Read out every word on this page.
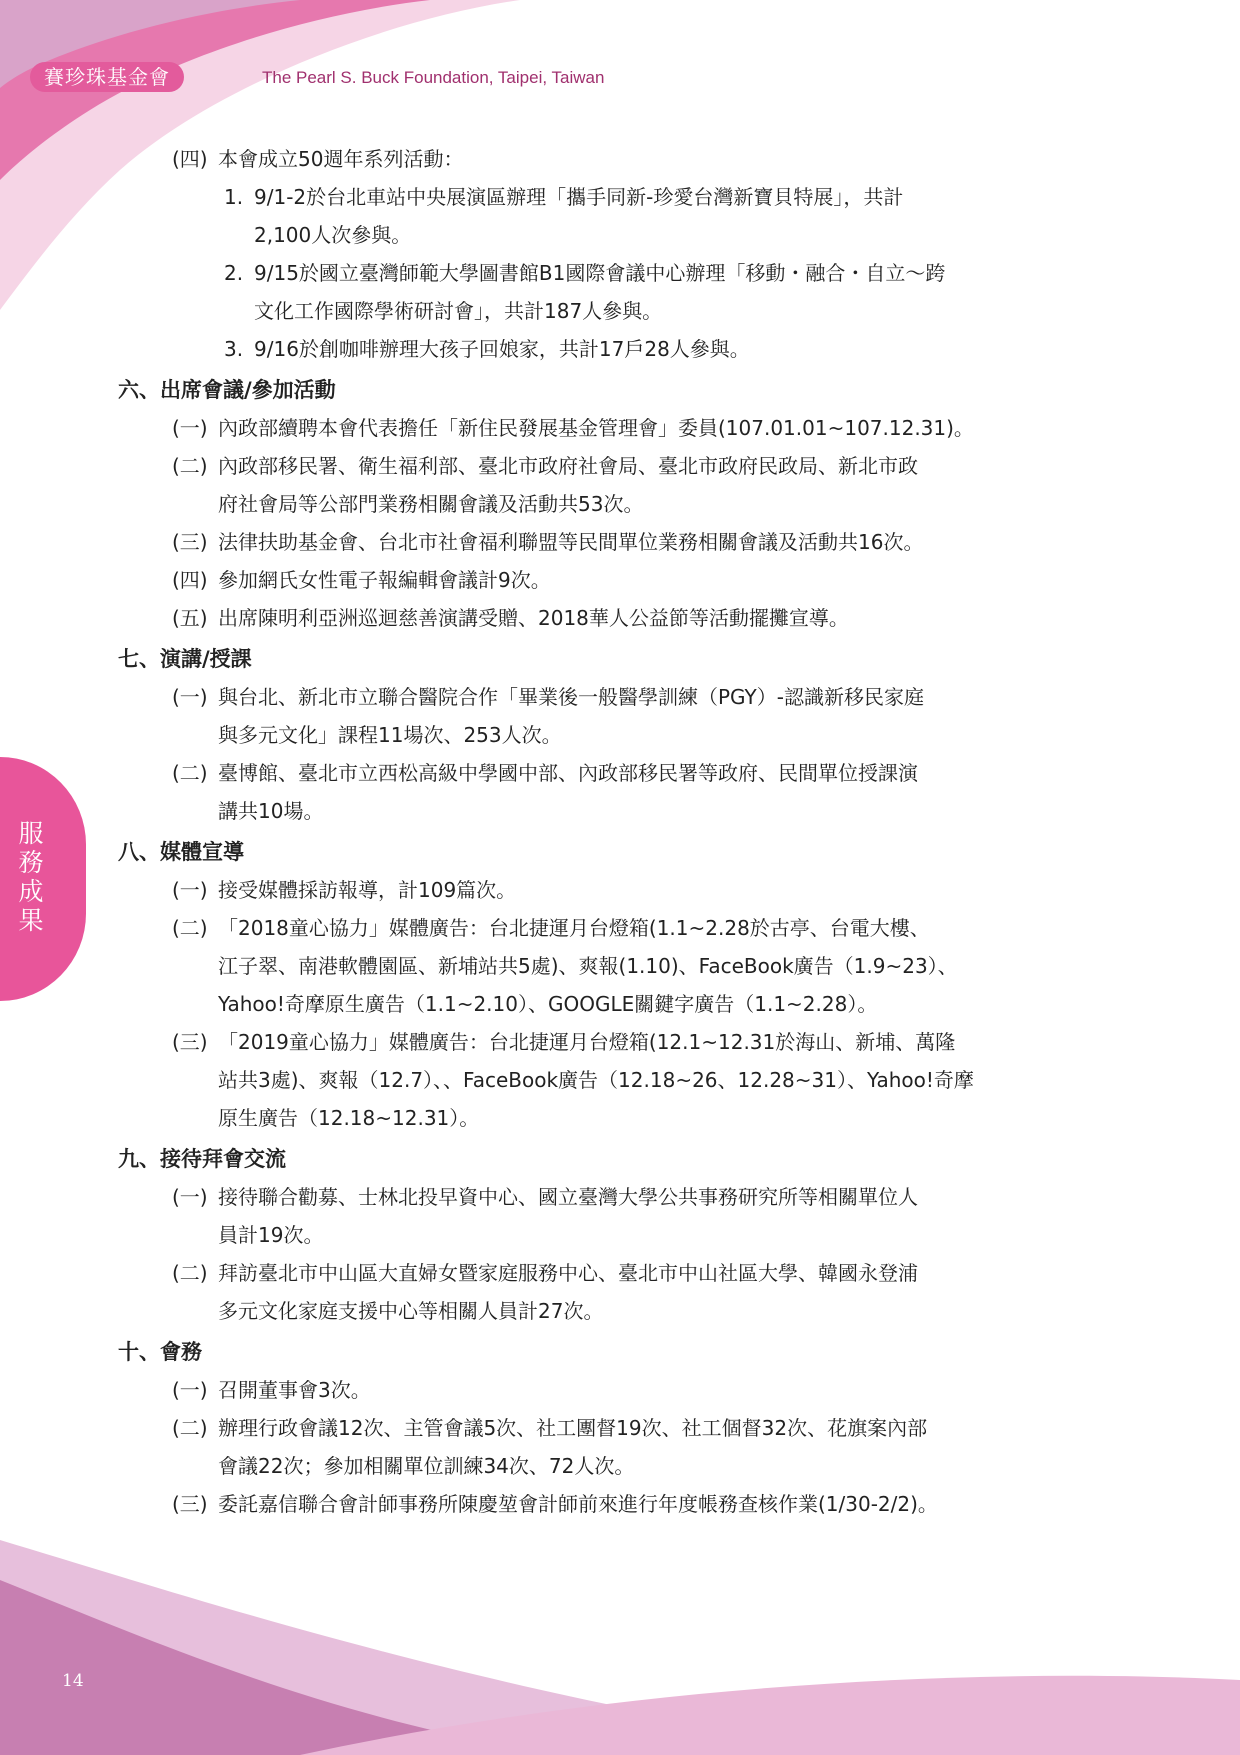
賽珍珠基金會	The Pearl S. Buck Foundation, Taipei, Taiwan
服務成果
14
(四) 本會成立50週年系列活動：
1. 9/1-2於台北車站中央展演區辦理「攜手同新-珍愛台灣新寶貝特展」，共計
2,100人次參與。
2. 9/15於國立臺灣師範大學圖書館B1國際會議中心辦理「移動・融合・自立～跨
文化工作國際學術研討會」，共計187人參與。
3. 9/16於創咖啡辦理大孩子回娘家，共計17戶28人參與。
六、出席會議/參加活動
(一) 內政部續聘本會代表擔任「新住民發展基金管理會」委員(107.01.01~107.12.31)。
(二) 內政部移民署、衛生福利部、臺北市政府社會局、臺北市政府民政局、新北市政
府社會局等公部門業務相關會議及活動共53次。
(三) 法律扶助基金會、台北市社會福利聯盟等民間單位業務相關會議及活動共16次。
(四) 參加網氏女性電子報編輯會議計9次。
(五) 出席陳明利亞洲巡迴慈善演講受贈、2018華人公益節等活動擺攤宣導。
七、演講/授課
(一) 與台北、新北市立聯合醫院合作「畢業後一般醫學訓練（PGY）-認識新移民家庭
與多元文化」課程11場次、253人次。
(二) 臺博館、臺北市立西松高級中學國中部、內政部移民署等政府、民間單位授課演
講共10場。
八、媒體宣導
(一) 接受媒體採訪報導，計109篇次。
(二) 「2018童心協力」媒體廣告：台北捷運月台燈箱(1.1~2.28於古亭、台電大樓、
江子翠、南港軟體園區、新埔站共5處)、爽報(1.10)、FaceBook廣告（1.9~23）、
Yahoo!奇摩原生廣告（1.1~2.10）、GOOGLE關鍵字廣告（1.1~2.28）。
(三) 「2019童心協力」媒體廣告：台北捷運月台燈箱(12.1~12.31於海山、新埔、萬隆
站共3處)、爽報（12.7）、、FaceBook廣告（12.18~26、12.28~31）、Yahoo!奇摩
原生廣告（12.18~12.31）。
九、接待拜會交流
(一) 接待聯合勸募、士林北投早資中心、國立臺灣大學公共事務研究所等相關單位人
員計19次。
(二) 拜訪臺北市中山區大直婦女暨家庭服務中心、臺北市中山社區大學、韓國永登浦
多元文化家庭支援中心等相關人員計27次。
十、會務
(一) 召開董事會3次。
(二) 辦理行政會議12次、主管會議5次、社工團督19次、社工個督32次、花旗案內部
會議22次；參加相關單位訓練34次、72人次。
(三) 委託嘉信聯合會計師事務所陳慶堃會計師前來進行年度帳務查核作業(1/30-2/2)。
